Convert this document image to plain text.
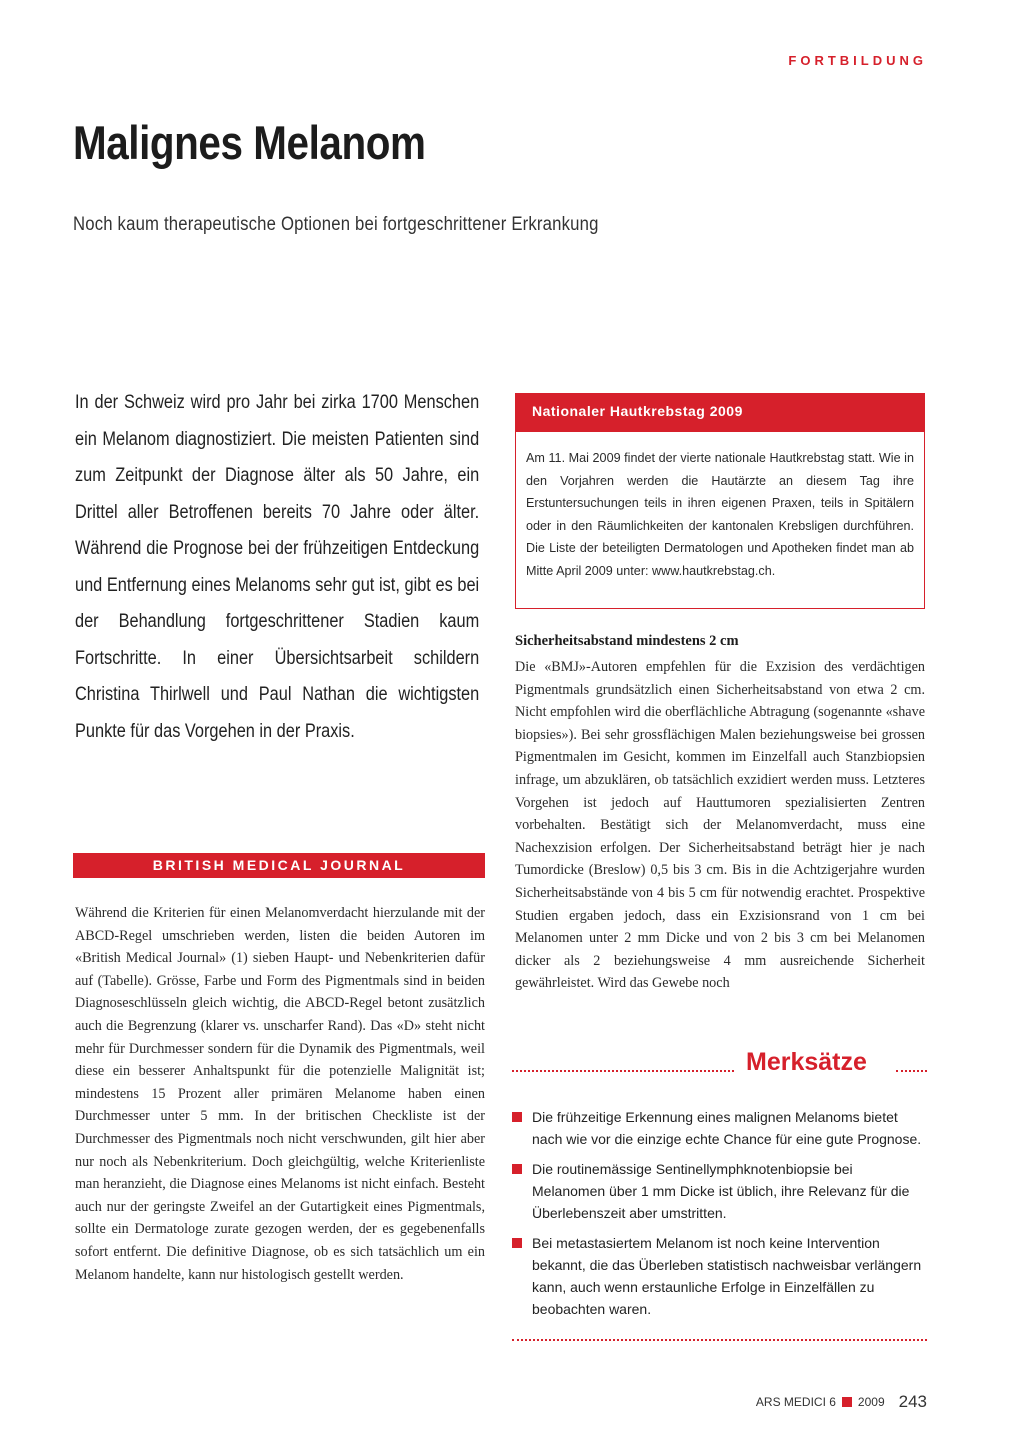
FORTBILDUNG
Malignes Melanom
Noch kaum therapeutische Optionen bei fortgeschrittener Erkrankung
In der Schweiz wird pro Jahr bei zirka 1700 Menschen ein Melanom diagnostiziert. Die meisten Patienten sind zum Zeitpunkt der Diagnose älter als 50 Jahre, ein Drittel aller Betroffenen bereits 70 Jahre oder älter. Während die Prognose bei der frühzeitigen Entdeckung und Entfernung eines Melanoms sehr gut ist, gibt es bei der Behandlung fortgeschrittener Stadien kaum Fortschritte. In einer Übersichtsarbeit schildern Christina Thirlwell und Paul Nathan die wichtigsten Punkte für das Vorgehen in der Praxis.
BRITISH MEDICAL JOURNAL
Während die Kriterien für einen Melanomverdacht hierzulande mit der ABCD-Regel umschrieben werden, listen die beiden Autoren im «British Medical Journal» (1) sieben Haupt- und Nebenkriterien dafür auf (Tabelle). Grösse, Farbe und Form des Pigmentmals sind in beiden Diagnoseschlüsseln gleich wichtig, die ABCD-Regel betont zusätzlich auch die Begrenzung (klarer vs. unscharfer Rand). Das «D» steht nicht mehr für Durchmesser sondern für die Dynamik des Pigmentmals, weil diese ein besserer Anhaltspunkt für die potenzielle Malignität ist; mindestens 15 Prozent aller primären Melanome haben einen Durchmesser unter 5 mm. In der britischen Checkliste ist der Durchmesser des Pigmentmals noch nicht verschwunden, gilt hier aber nur noch als Nebenkriterium. Doch gleichgültig, welche Kriterienliste man heranzieht, die Diagnose eines Melanoms ist nicht einfach. Besteht auch nur der geringste Zweifel an der Gutartigkeit eines Pigmentmals, sollte ein Dermatologe zurate gezogen werden, der es gegebenenfalls sofort entfernt. Die definitive Diagnose, ob es sich tatsächlich um ein Melanom handelte, kann nur histologisch gestellt werden.
Nationaler Hautkrebstag 2009
Am 11. Mai 2009 findet der vierte nationale Hautkrebstag statt. Wie in den Vorjahren werden die Hautärzte an diesem Tag ihre Erstuntersuchungen teils in ihren eigenen Praxen, teils in Spitälern oder in den Räumlichkeiten der kantonalen Krebsligen durchführen. Die Liste der beteiligten Dermatologen und Apotheken findet man ab Mitte April 2009 unter: www.hautkrebstag.ch.
Sicherheitsabstand mindestens 2 cm
Die «BMJ»-Autoren empfehlen für die Exzision des verdächtigen Pigmentmals grundsätzlich einen Sicherheitsabstand von etwa 2 cm. Nicht empfohlen wird die oberflächliche Abtragung (sogenannte «shave biopsies»). Bei sehr grossflächigen Malen beziehungsweise bei grossen Pigmentmalen im Gesicht, kommen im Einzelfall auch Stanzbiopsien infrage, um abzuklären, ob tatsächlich exzidiert werden muss. Letzteres Vorgehen ist jedoch auf Hauttumoren spezialisierten Zentren vorbehalten. Bestätigt sich der Melanomverdacht, muss eine Nachexzision erfolgen. Der Sicherheitsabstand beträgt hier je nach Tumordicke (Breslow) 0,5 bis 3 cm. Bis in die Achtzigerjahre wurden Sicherheitsabstände von 4 bis 5 cm für notwendig erachtet. Prospektive Studien ergaben jedoch, dass ein Exzisionsrand von 1 cm bei Melanomen unter 2 mm Dicke und von 2 bis 3 cm bei Melanomen dicker als 2 beziehungsweise 4 mm ausreichende Sicherheit gewährleistet. Wird das Gewebe noch
Merksätze
Die frühzeitige Erkennung eines malignen Melanoms bietet nach wie vor die einzige echte Chance für eine gute Prognose.
Die routinemässige Sentinellymphknotenbiopsie bei Melanomen über 1 mm Dicke ist üblich, ihre Relevanz für die Überlebenszeit aber umstritten.
Bei metastasiertem Melanom ist noch keine Intervention bekannt, die das Überleben statistisch nachweisbar verlängern kann, auch wenn erstaunliche Erfolge in Einzelfällen zu beobachten waren.
ARS MEDICI 6 2009 243
